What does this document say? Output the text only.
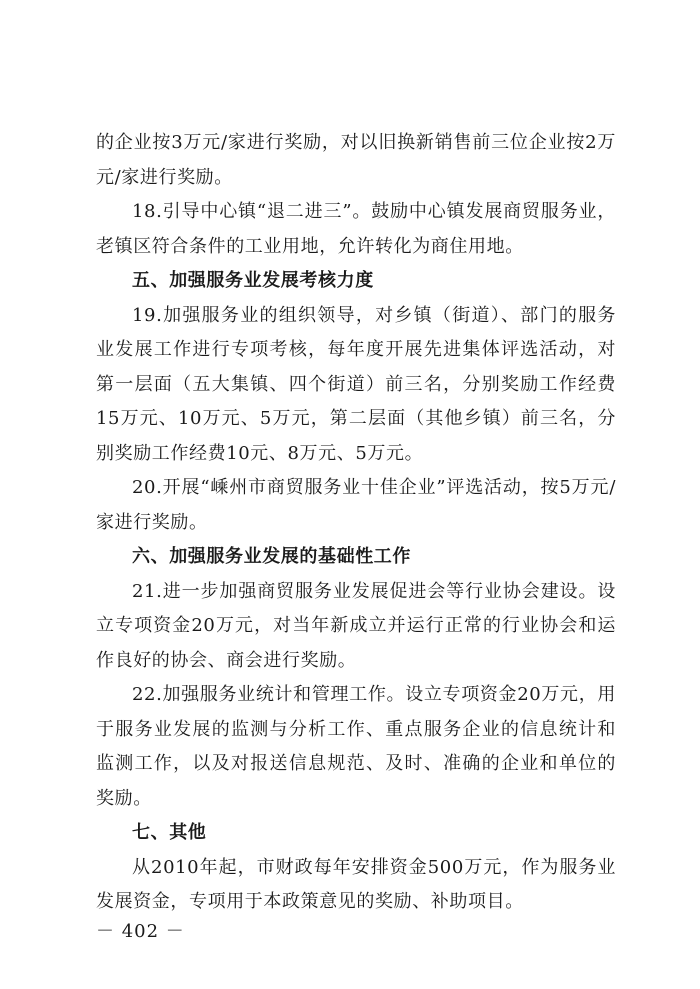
的企业按3万元/家进行奖励，对以旧换新销售前三位企业按2万元/家进行奖励。

18.引导中心镇“退二进三”。鼓励中心镇发展商贸服务业，老镇区符合条件的工业用地，允许转化为商住用地。

五、加强服务业发展考核力度

19.加强服务业的组织领导，对乡镇（街道）、部门的服务业发展工作进行专项考核，每年度开展先进集体评选活动，对第一层面（五大集镇、四个街道）前三名，分别奖励工作经费15万元、10万元、5万元，第二层面（其他乡镇）前三名，分别奖励工作经费10元、8万元、5万元。

20.开展“嵊州市商贸服务业十佳企业”评选活动，按5万元/家进行奖励。

六、加强服务业发展的基础性工作

21.进一步加强商贸服务业发展促进会等行业协会建设。设立专项资金20万元，对当年新成立并运行正常的行业协会和运作良好的协会、商会进行奖励。

22.加强服务业统计和管理工作。设立专项资金20万元，用于服务业发展的监测与分析工作、重点服务企业的信息统计和监测工作，以及对报送信息规范、及时、准确的企业和单位的奖励。

七、其他

从2010年起，市财政每年安排资金500万元，作为服务业发展资金，专项用于本政策意见的奖励、补助项目。

－ 402 －
